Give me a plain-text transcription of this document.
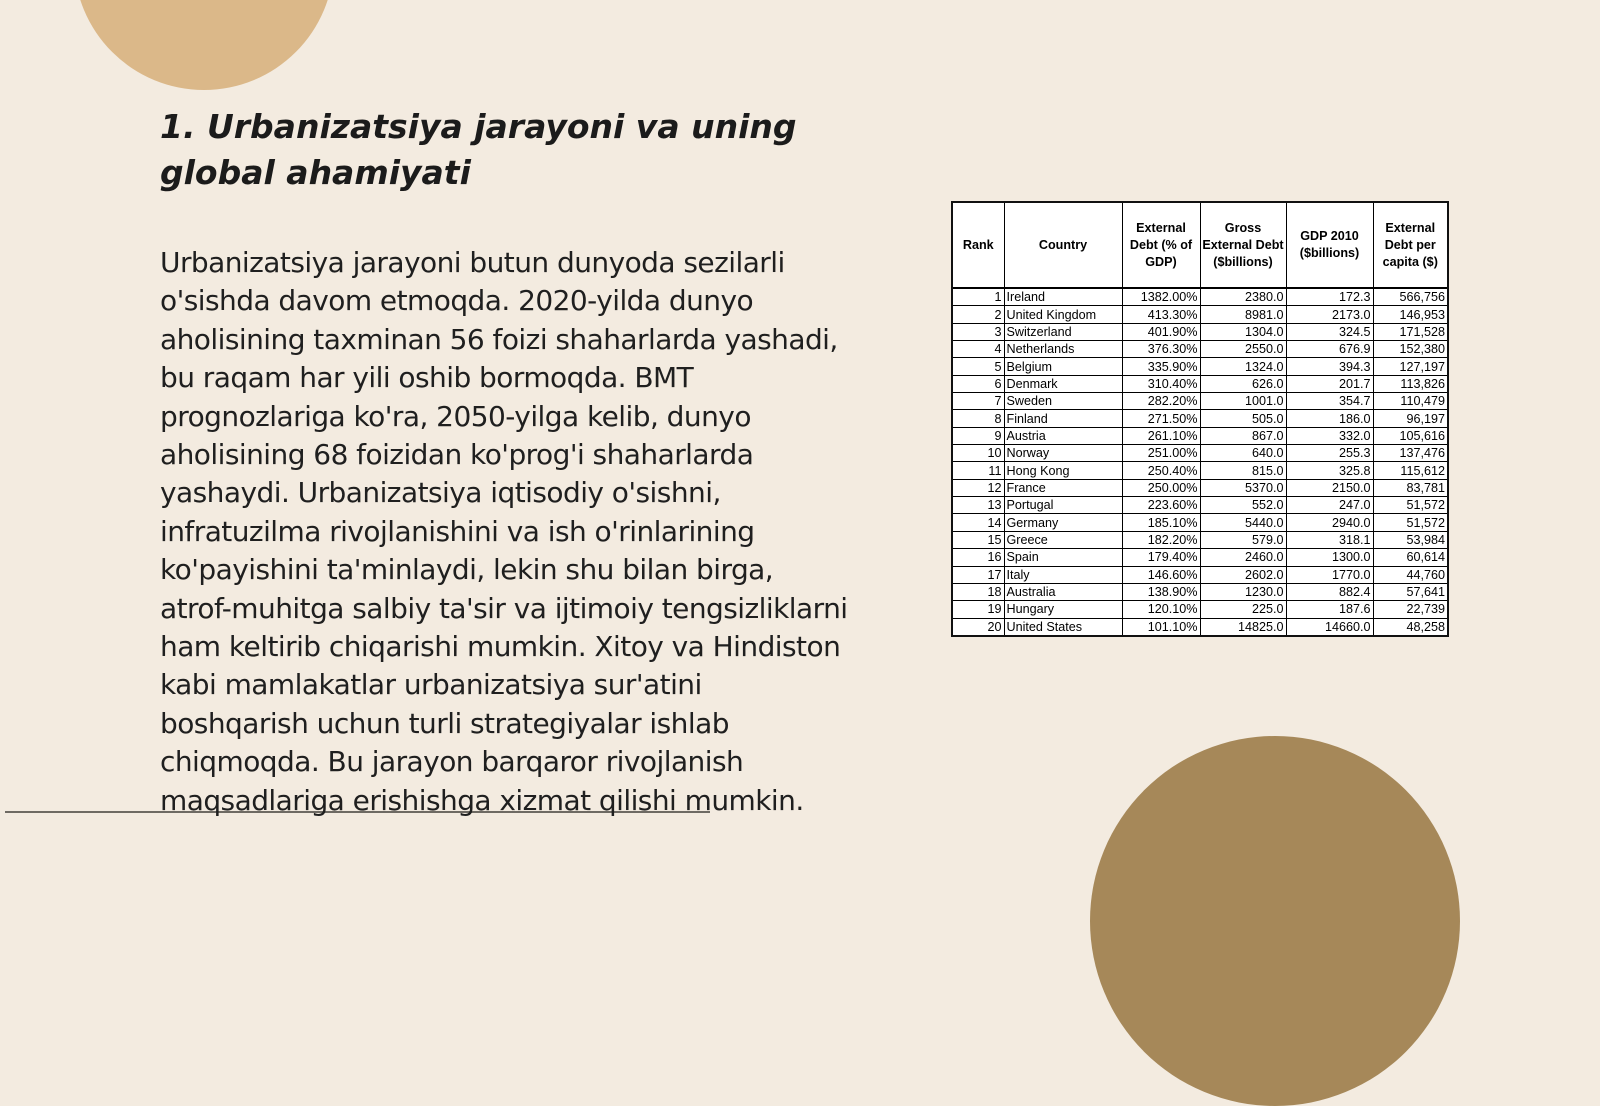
1. Urbanizatsiya jarayoni va uning global ahamiyati

Urbanizatsiya jarayoni butun dunyoda sezilarli o'sishda davom etmoqda. 2020-yilda dunyo aholisining taxminan 56 foizi shaharlarda yashadi, bu raqam har yili oshib bormoqda. BMT prognozlariga ko'ra, 2050-yilga kelib, dunyo aholisining 68 foizidan ko'prog'i shaharlarda yashaydi. Urbanizatsiya iqtisodiy o'sishni, infratuzilma rivojlanishini va ish o'rinlarining ko'payishini ta'minlaydi, lekin shu bilan birga, atrof-muhitga salbiy ta'sir va ijtimoiy tengsizliklarni ham keltirib chiqarishi mumkin. Xitoy va Hindiston kabi mamlakatlar urbanizatsiya sur'atini boshqarish uchun turli strategiyalar ishlab chiqmoqda. Bu jarayon barqaror rivojlanish maqsadlariga erishishga xizmat qilishi mumkin.

Rank	Country	External Debt (% of GDP)	Gross External Debt ($billions)	GDP 2010 ($billions)	External Debt per capita ($)
1	Ireland	1382.00%	2380.0	172.3	566,756
2	United Kingdom	413.30%	8981.0	2173.0	146,953
3	Switzerland	401.90%	1304.0	324.5	171,528
4	Netherlands	376.30%	2550.0	676.9	152,380
5	Belgium	335.90%	1324.0	394.3	127,197
6	Denmark	310.40%	626.0	201.7	113,826
7	Sweden	282.20%	1001.0	354.7	110,479
8	Finland	271.50%	505.0	186.0	96,197
9	Austria	261.10%	867.0	332.0	105,616
10	Norway	251.00%	640.0	255.3	137,476
11	Hong Kong	250.40%	815.0	325.8	115,612
12	France	250.00%	5370.0	2150.0	83,781
13	Portugal	223.60%	552.0	247.0	51,572
14	Germany	185.10%	5440.0	2940.0	51,572
15	Greece	182.20%	579.0	318.1	53,984
16	Spain	179.40%	2460.0	1300.0	60,614
17	Italy	146.60%	2602.0	1770.0	44,760
18	Australia	138.90%	1230.0	882.4	57,641
19	Hungary	120.10%	225.0	187.6	22,739
20	United States	101.10%	14825.0	14660.0	48,258
